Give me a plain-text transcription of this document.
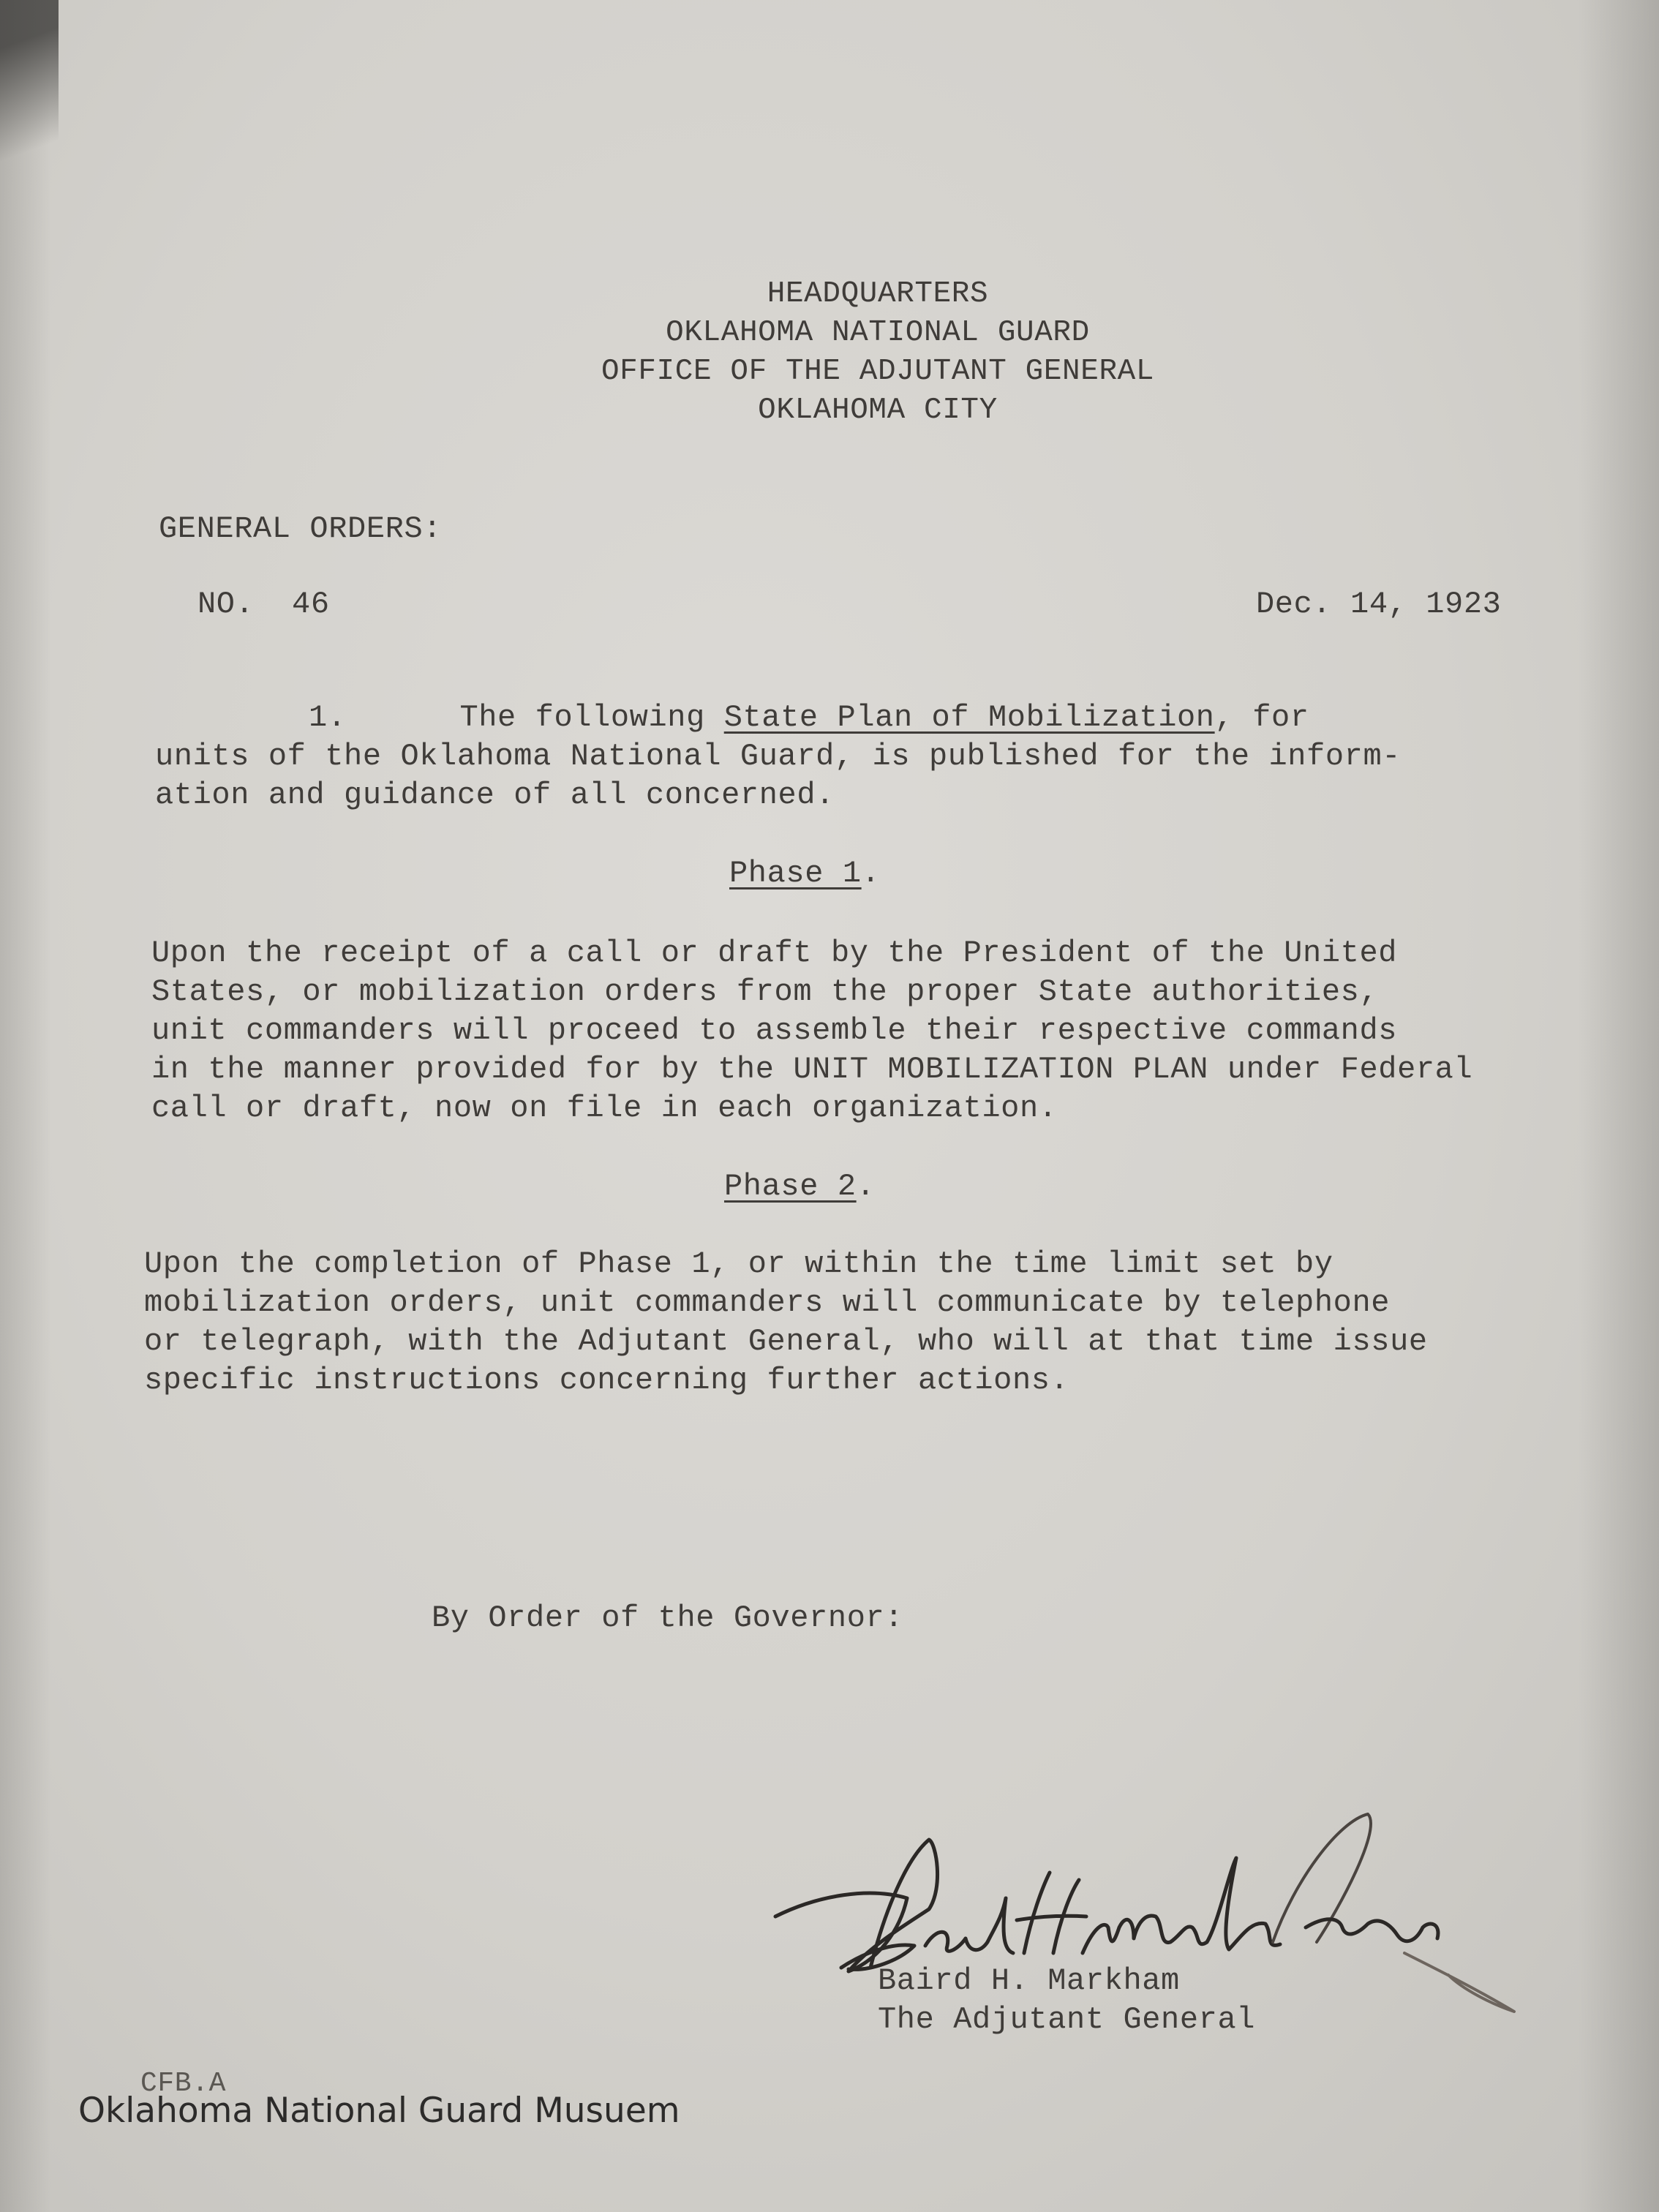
HEADQUARTERS
OKLAHOMA NATIONAL GUARD
OFFICE OF THE ADJUTANT GENERAL
OKLAHOMA CITY
GENERAL ORDERS:
NO.  46	Dec. 14, 1923
1.	The following State Plan of Mobilization, for
units of the Oklahoma National Guard, is published for the inform-
ation and guidance of all concerned.
Phase 1.
Upon the receipt of a call or draft by the President of the United
States, or mobilization orders from the proper State authorities,
unit commanders will proceed to assemble their respective commands
in the manner provided for by the UNIT MOBILIZATION PLAN under Federal
call or draft, now on file in each organization.
Phase 2.
Upon the completion of Phase 1, or within the time limit set by
mobilization orders, unit commanders will communicate by telephone
or telegraph, with the Adjutant General, who will at that time issue
specific instructions concerning further actions.
By Order of the Governor:
Baird H. Markham
The Adjutant General
CFB.A
Oklahoma National Guard Musuem
